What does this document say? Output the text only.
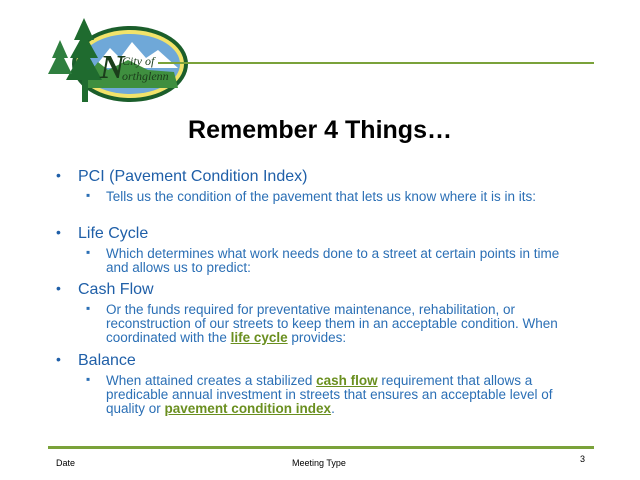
N
City of
orthglenn
Remember 4 Things…
• PCI (Pavement Condition Index)
▪ Tells us the condition of the pavement that lets us know where it is in its:
• Life Cycle
▪ Which determines what work needs done to a street at certain points in time and allows us to predict:
• Cash Flow
▪ Or the funds required for preventative maintenance, rehabilitation, or reconstruction of our streets to keep them in an acceptable condition. When coordinated with the life cycle provides:
• Balance
▪ When attained creates a stabilized cash flow requirement that allows a predicable annual investment in streets that ensures an acceptable level of quality or pavement condition index.
Date	Meeting Type	3
